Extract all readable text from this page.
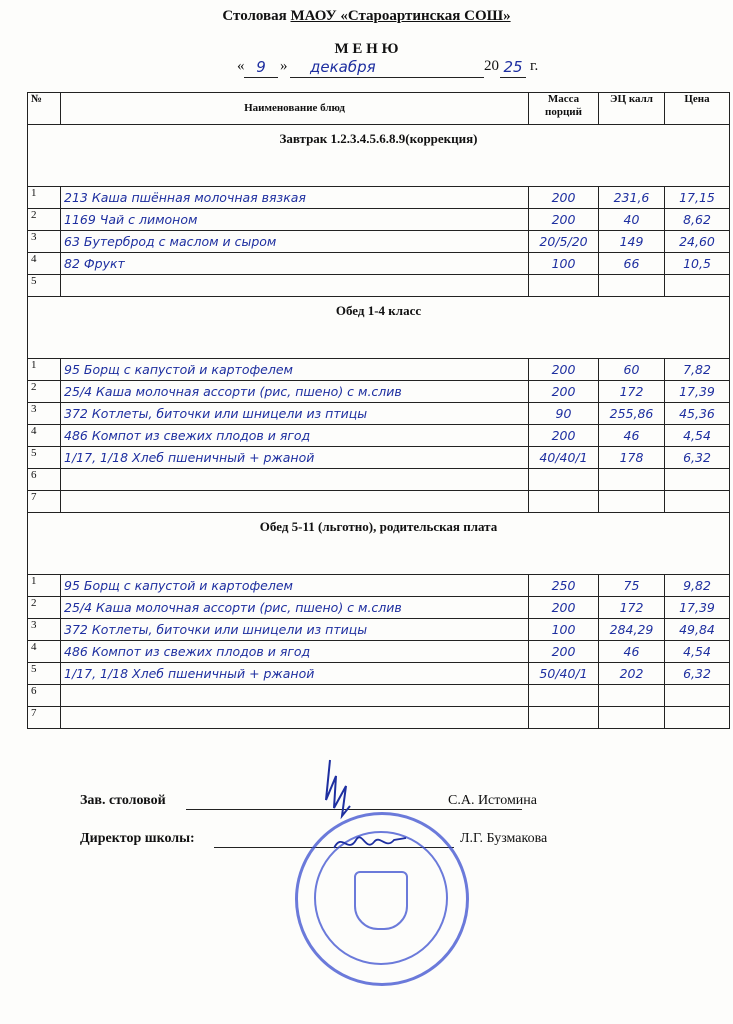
Столовая МАОУ «Староартинская СОШ»
М Е Н Ю
« 9 »	декабря	20 25 г.
№	Наименование блюд	Масса порций	ЭЦ калл	Цена
Завтрак 1.2.3.4.5.6.8.9(коррекция)				
1	213 Каша пшённая молочная вязкая	200	231,6	17,15
2	1169 Чай с лимоном	200	40	8,62
3	63 Бутерброд с маслом и сыром	20/5/20	149	24,60
4	82 Фрукт	100	66	10,5
5				
Обед 1-4 класс				
1	95 Борщ с капустой и картофелем	200	60	7,82
2	25/4 Каша молочная ассорти (рис, пшено) с м.слив	200	172	17,39
3	372 Котлеты, биточки или шницели из птицы	90	255,86	45,36
4	486 Компот из свежих плодов и ягод	200	46	4,54
5	1/17, 1/18 Хлеб пшеничный + ржаной	40/40/1	178	6,32
6				
7				
Обед 5-11 (льготно), родительская плата				
1	95 Борщ с капустой и картофелем	250	75	9,82
2	25/4 Каша молочная ассорти (рис, пшено) с м.слив	200	172	17,39
3	372 Котлеты, биточки или шницели из птицы	100	284,29	49,84
4	486 Компот из свежих плодов и ягод	200	46	4,54
5	1/17, 1/18 Хлеб пшеничный + ржаной	50/40/1	202	6,32
6				
7				
Зав. столовой	С.А. Истомина
Директор школы:	Л.Г. Бузмакова
